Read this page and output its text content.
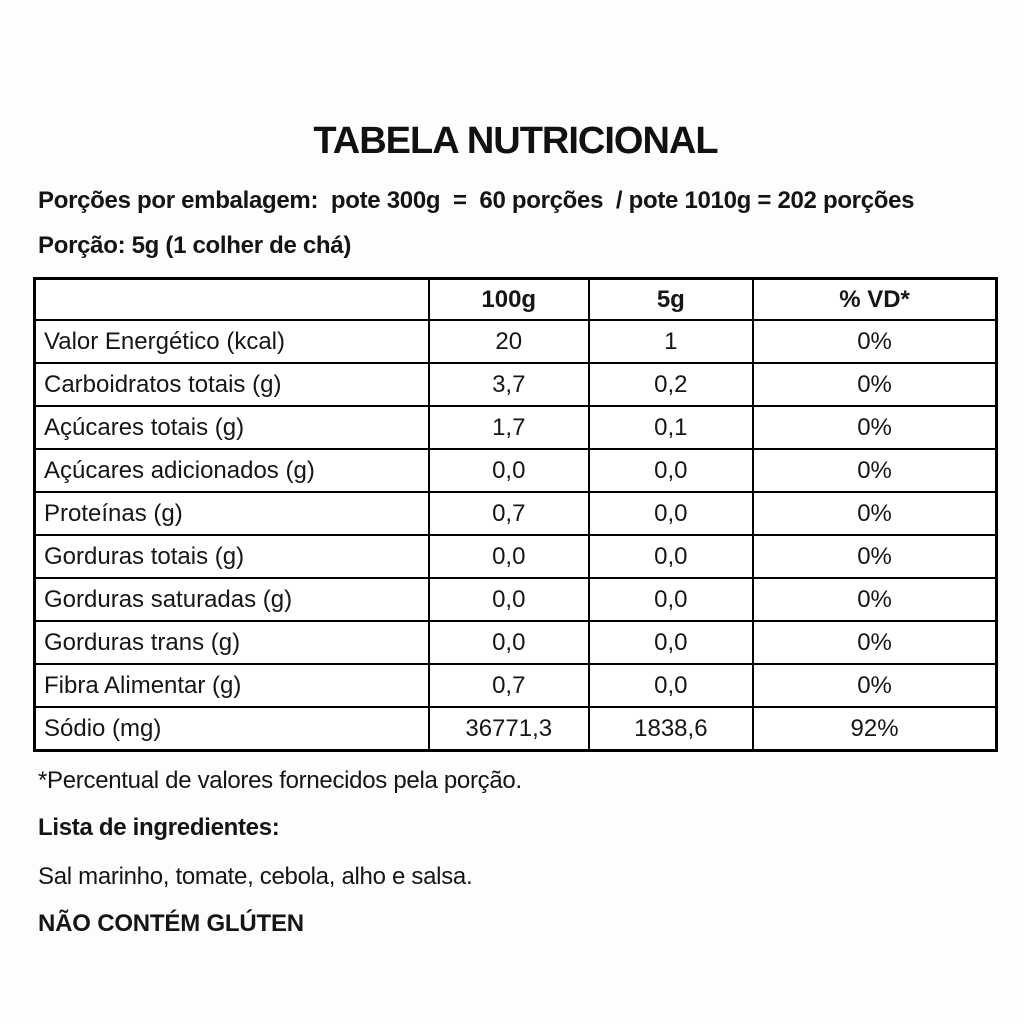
TABELA NUTRICIONAL

Porções por embalagem:  pote 300g  =  60 porções  / pote 1010g = 202 porções

Porção: 5g (1 colher de chá)

	100g	5g	% VD*
Valor Energético (kcal)	20	1	0%
Carboidratos totais (g)	3,7	0,2	0%
Açúcares totais (g)	1,7	0,1	0%
Açúcares adicionados (g)	0,0	0,0	0%
Proteínas (g)	0,7	0,0	0%
Gorduras totais (g)	0,0	0,0	0%
Gorduras saturadas (g)	0,0	0,0	0%
Gorduras trans (g)	0,0	0,0	0%
Fibra Alimentar (g)	0,7	0,0	0%
Sódio (mg)	36771,3	1838,6	92%

*Percentual de valores fornecidos pela porção.

Lista de ingredientes:

Sal marinho, tomate, cebola, alho e salsa.

NÃO CONTÉM GLÚTEN
